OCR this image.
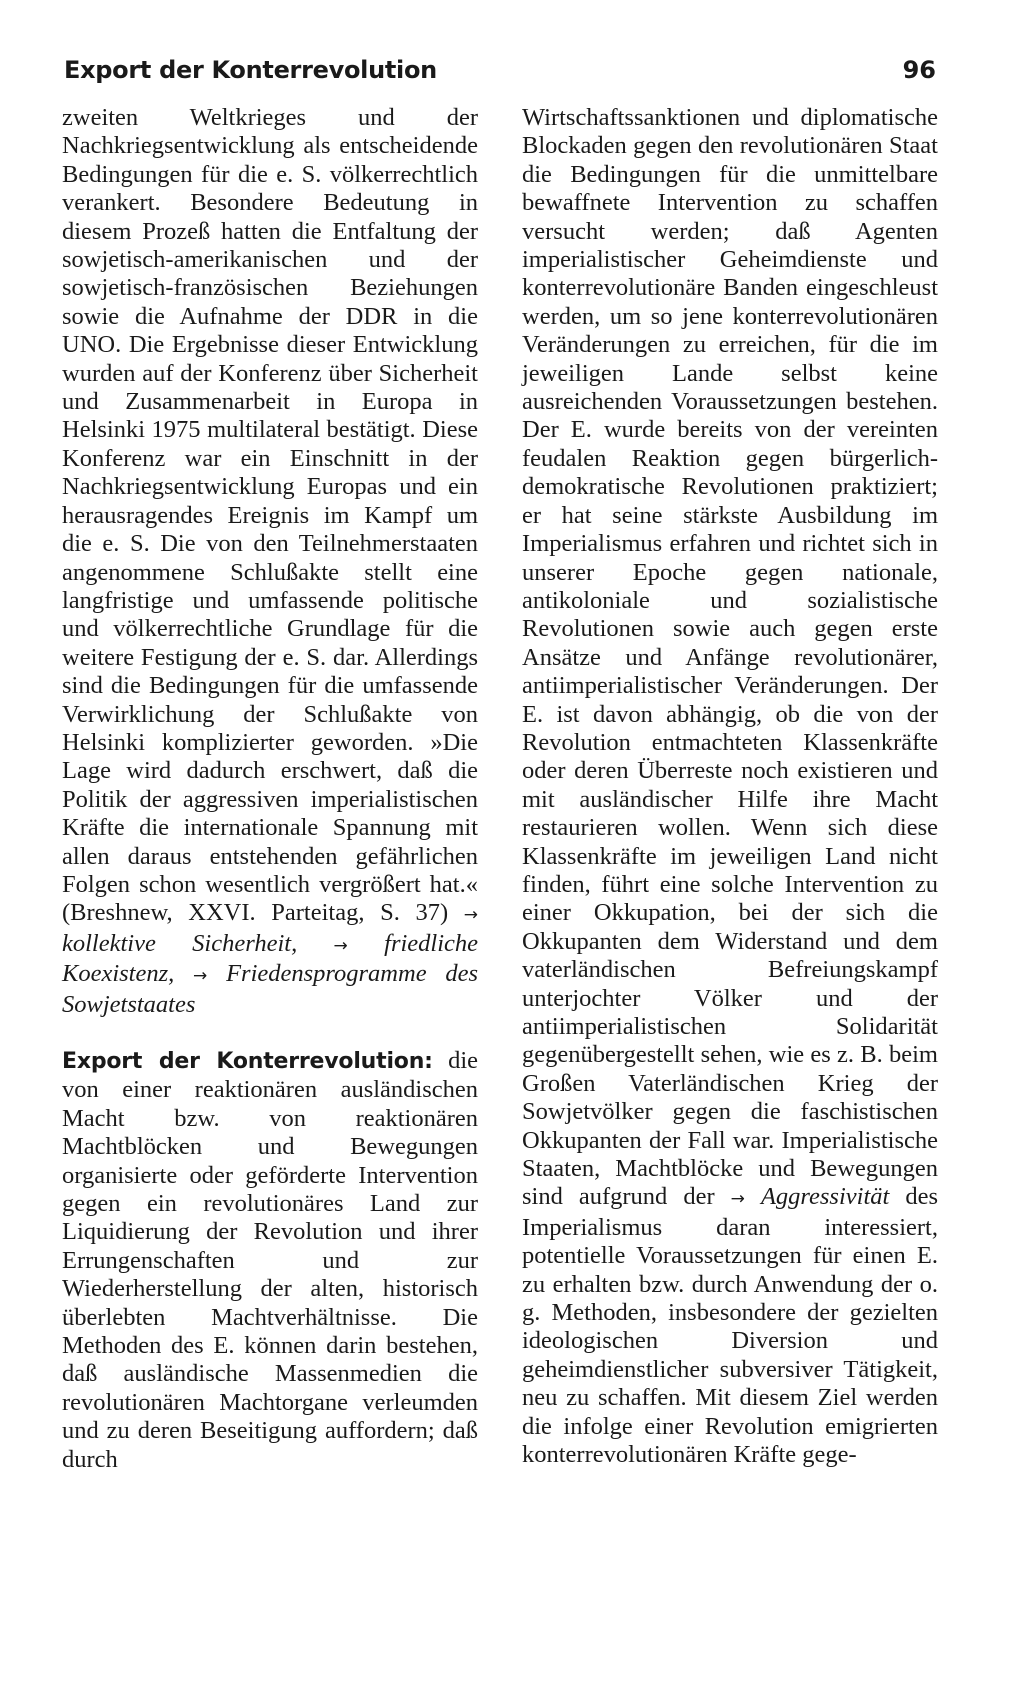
Export der Konterrevolution	96

zweiten Weltkrieges und der Nachkriegsentwicklung als entscheidende Bedingungen für die e. S. völkerrechtlich verankert. Besondere Bedeutung in diesem Prozeß hatten die Entfaltung der sowjetisch-amerikanischen und der sowjetisch-französischen Beziehungen sowie die Aufnahme der DDR in die UNO. Die Ergebnisse dieser Entwicklung wurden auf der Konferenz über Sicherheit und Zusammenarbeit in Europa in Helsinki 1975 multilateral bestätigt. Diese Konferenz war ein Einschnitt in der Nachkriegsentwicklung Europas und ein herausragendes Ereignis im Kampf um die e. S. Die von den Teilnehmerstaaten angenommene Schlußakte stellt eine langfristige und umfassende politische und völkerrechtliche Grundlage für die weitere Festigung der e. S. dar. Allerdings sind die Bedingungen für die umfassende Verwirklichung der Schlußakte von Helsinki komplizierter geworden. »Die Lage wird dadurch erschwert, daß die Politik der aggressiven imperialistischen Kräfte die internationale Spannung mit allen daraus entstehenden gefährlichen Folgen schon wesentlich vergrößert hat.« (Breshnew, XXVI. Parteitag, S. 37) → kollektive Sicherheit, → friedliche Koexistenz, → Friedensprogramme des Sowjetstaates

Export der Konterrevolution: die von einer reaktionären ausländischen Macht bzw. von reaktionären Machtblöcken und Bewegungen organisierte oder geförderte Intervention gegen ein revolutionäres Land zur Liquidierung der Revolution und ihrer Errungenschaften und zur Wiederherstellung der alten, historisch überlebten Machtverhältnisse. Die Methoden des E. können darin bestehen, daß ausländische Massenmedien die revolutionären Machtorgane verleumden und zu deren Beseitigung auffordern; daß durch

Wirtschaftssanktionen und diplomatische Blockaden gegen den revolutionären Staat die Bedingungen für die unmittelbare bewaffnete Intervention zu schaffen versucht werden; daß Agenten imperialistischer Geheimdienste und konterrevolutionäre Banden eingeschleust werden, um so jene konterrevolutionären Veränderungen zu erreichen, für die im jeweiligen Lande selbst keine ausreichenden Voraussetzungen bestehen. Der E. wurde bereits von der vereinten feudalen Reaktion gegen bürgerlich-demokratische Revolutionen praktiziert; er hat seine stärkste Ausbildung im Imperialismus erfahren und richtet sich in unserer Epoche gegen nationale, antikoloniale und sozialistische Revolutionen sowie auch gegen erste Ansätze und Anfänge revolutionärer, antiimperialistischer Veränderungen. Der E. ist davon abhängig, ob die von der Revolution entmachteten Klassenkräfte oder deren Überreste noch existieren und mit ausländischer Hilfe ihre Macht restaurieren wollen. Wenn sich diese Klassenkräfte im jeweiligen Land nicht finden, führt eine solche Intervention zu einer Okkupation, bei der sich die Okkupanten dem Widerstand und dem vaterländischen Befreiungskampf unterjochter Völker und der antiimperialistischen Solidarität gegenübergestellt sehen, wie es z. B. beim Großen Vaterländischen Krieg der Sowjetvölker gegen die faschistischen Okkupanten der Fall war. Imperialistische Staaten, Machtblöcke und Bewegungen sind aufgrund der → Aggressivität des Imperialismus daran interessiert, potentielle Voraussetzungen für einen E. zu erhalten bzw. durch Anwendung der o. g. Methoden, insbesondere der gezielten ideologischen Diversion und geheimdienstlicher subversiver Tätigkeit, neu zu schaffen. Mit diesem Ziel werden die infolge einer Revolution emigrierten konterrevolutionären Kräfte gege-
